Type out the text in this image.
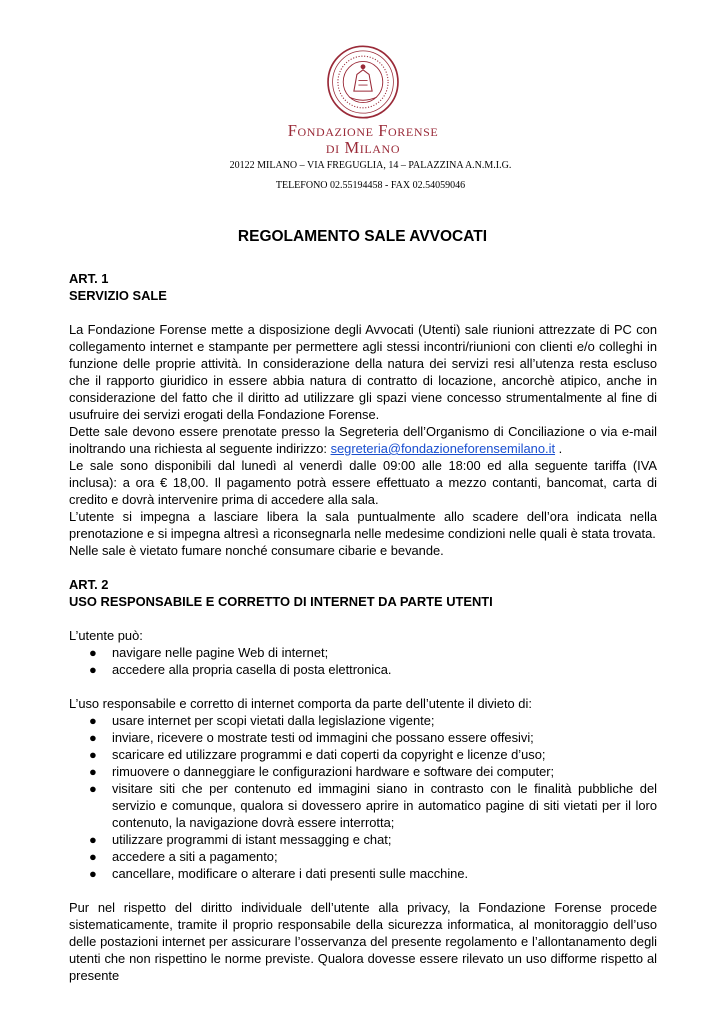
Fondazione Forense
di Milano
20122 MILANO – VIA FREGUGLIA, 14 – PALAZZINA A.N.M.I.G.
TELEFONO 02.55194458 - FAX 02.54059046
REGOLAMENTO SALE AVVOCATI
ART. 1
SERVIZIO SALE

La Fondazione Forense mette a disposizione degli Avvocati (Utenti) sale riunioni attrezzate di PC con collegamento internet e stampante per permettere agli stessi incontri/riunioni con clienti e/o colleghi in funzione delle proprie attività. In considerazione della natura dei servizi resi all’utenza resta escluso che il rapporto giuridico in essere abbia natura di contratto di locazione, ancorchè atipico, anche in considerazione del fatto che il diritto ad utilizzare gli spazi viene concesso strumentalmente al fine di usufruire dei servizi erogati della Fondazione Forense.

Dette sale devono essere prenotate presso la Segreteria dell’Organismo di Conciliazione o via e-mail inoltrando una richiesta al seguente indirizzo: segreteria@fondazioneforensemilano.it .

Le sale sono disponibili dal lunedì al venerdì dalle 09:00 alle 18:00 ed alla seguente tariffa (IVA inclusa): a ora € 18,00. Il pagamento potrà essere effettuato a mezzo contanti, bancomat, carta di credito e dovrà intervenire prima di accedere alla sala.

L’utente si impegna a lasciare libera la sala puntualmente allo scadere dell’ora indicata nella prenotazione e si impegna altresì a riconsegnarla nelle medesime condizioni nelle quali è stata trovata.

Nelle sale è vietato fumare nonché consumare cibarie e bevande.

ART. 2
USO RESPONSABILE E CORRETTO DI INTERNET DA PARTE UTENTI

L’utente può:

● navigare nelle pagine Web di internet;
● accedere alla propria casella di posta elettronica.

L’uso responsabile e corretto di internet comporta da parte dell’utente il divieto di:

● usare internet per scopi vietati dalla legislazione vigente;
● inviare, ricevere o mostrate testi od immagini che possano essere offesivi;
● scaricare ed utilizzare programmi e dati coperti da copyright e licenze d’uso;
● rimuovere o danneggiare le configurazioni hardware e software dei computer;
● visitare siti che per contenuto ed immagini siano in contrasto con le finalità pubbliche del servizio e comunque, qualora si dovessero aprire in automatico pagine di siti vietati per il loro contenuto, la navigazione dovrà essere interrotta;
● utilizzare programmi di istant messagging e chat;
● accedere a siti a pagamento;
● cancellare, modificare o alterare i dati presenti sulle macchine.

Pur nel rispetto del diritto individuale dell’utente alla privacy, la Fondazione Forense procede sistematicamente, tramite il proprio responsabile della sicurezza informatica, al monitoraggio dell’uso delle postazioni internet per assicurare l’osservanza del presente regolamento e l’allontanamento degli utenti che non rispettino le norme previste. Qualora dovesse essere rilevato un uso difforme rispetto al presente
